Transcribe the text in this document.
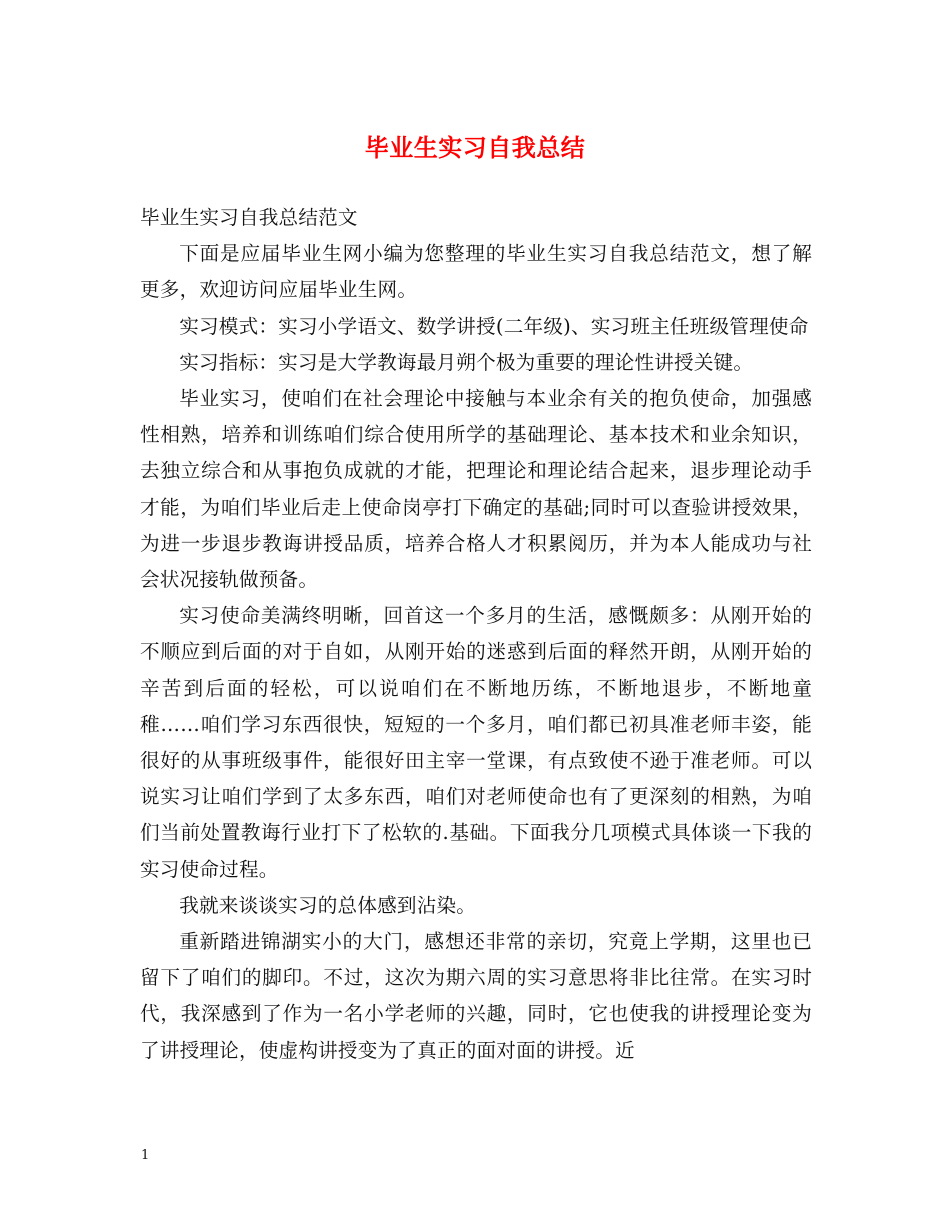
毕业生实习自我总结

毕业生实习自我总结范文

下面是应届毕业生网小编为您整理的毕业生实习自我总结范文，想了解更多，欢迎访问应届毕业生网。

实习模式：实习小学语文、数学讲授(二年级)、实习班主任班级管理使命

实习指标：实习是大学教诲最月朔个极为重要的理论性讲授关键。

毕业实习，使咱们在社会理论中接触与本业余有关的抱负使命，加强感性相熟，培养和训练咱们综合使用所学的基础理论、基本技术和业余知识，去独立综合和从事抱负成就的才能，把理论和理论结合起来，退步理论动手才能，为咱们毕业后走上使命岗亭打下确定的基础;同时可以查验讲授效果，为进一步退步教诲讲授品质，培养合格人才积累阅历，并为本人能成功与社会状况接轨做预备。

实习使命美满终明晰，回首这一个多月的生活，感慨颇多：从刚开始的不顺应到后面的对于自如，从刚开始的迷惑到后面的释然开朗，从刚开始的辛苦到后面的轻松，可以说咱们在不断地历练，不断地退步，不断地童稚……咱们学习东西很快，短短的一个多月，咱们都已初具准老师丰姿，能很好的从事班级事件，能很好田主宰一堂课，有点致使不逊于准老师。可以说实习让咱们学到了太多东西，咱们对老师使命也有了更深刻的相熟，为咱们当前处置教诲行业打下了松软的.基础。下面我分几项模式具体谈一下我的实习使命过程。

我就来谈谈实习的总体感到沾染。

重新踏进锦湖实小的大门，感想还非常的亲切，究竟上学期，这里也已留下了咱们的脚印。不过，这次为期六周的实习意思将非比往常。在实习时代，我深感到了作为一名小学老师的兴趣，同时，它也使我的讲授理论变为了讲授理论，使虚构讲授变为了真正的面对面的讲授。近

1
